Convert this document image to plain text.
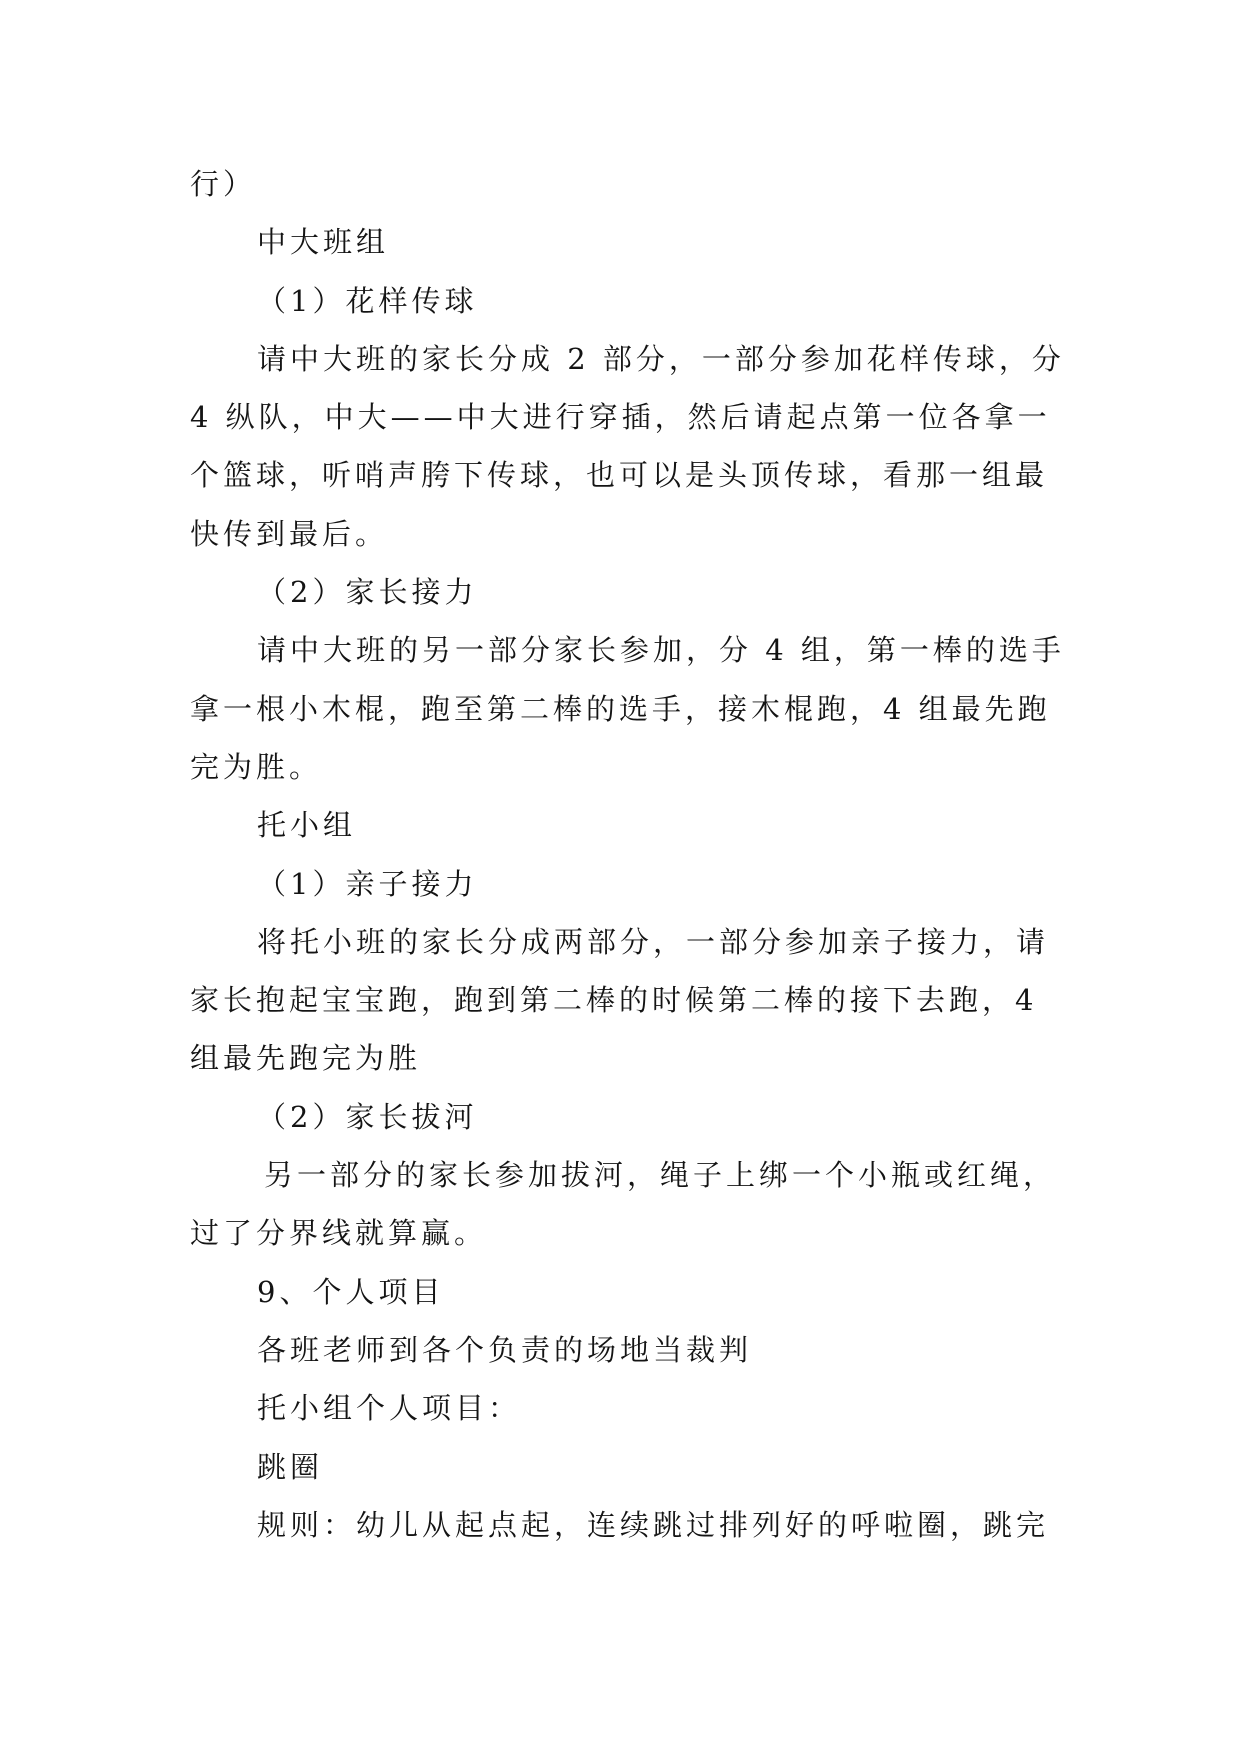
行）
中大班组
（1）花样传球
请中大班的家长分成 2 部分，一部分参加花样传球，分
4 纵队，中大——中大进行穿插，然后请起点第一位各拿一
个篮球，听哨声胯下传球，也可以是头顶传球，看那一组最
快传到最后。
（2）家长接力
请中大班的另一部分家长参加，分 4 组，第一棒的选手
拿一根小木棍，跑至第二棒的选手，接木棍跑，4 组最先跑
完为胜。
托小组
（1）亲子接力
将托小班的家长分成两部分，一部分参加亲子接力，请
家长抱起宝宝跑，跑到第二棒的时候第二棒的接下去跑，4
组最先跑完为胜
（2）家长拔河
另一部分的家长参加拔河，绳子上绑一个小瓶或红绳，
过了分界线就算赢。
9、个人项目
各班老师到各个负责的场地当裁判
托小组个人项目：
跳圈
规则：幼儿从起点起，连续跳过排列好的呼啦圈，跳完
